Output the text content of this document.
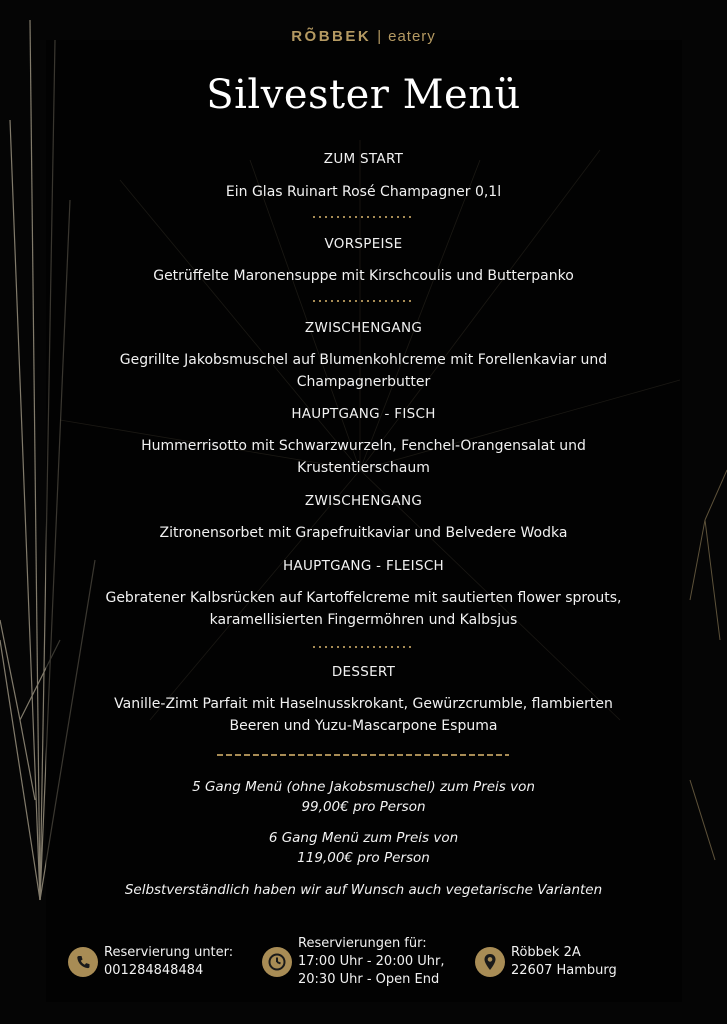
RÕBBEK | eatery
Silvester Menü
ZUM START
Ein Glas Ruinart Rosé Champagner 0,1l
VORSPEISE
Getrüffelte Maronensuppe mit Kirschcoulis und Butterpanko
ZWISCHENGANG
Gegrillte Jakobsmuschel auf Blumenkohlcreme mit Forellenkaviar und
Champagnerbutter
HAUPTGANG - FISCH
Hummerrisotto mit Schwarzwurzeln, Fenchel-Orangensalat und
Krustentierschaum
ZWISCHENGANG
Zitronensorbet mit Grapefruitkaviar und Belvedere Wodka
HAUPTGANG - FLEISCH
Gebratener Kalbsrücken auf Kartoffelcreme mit sautierten flower sprouts,
karamellisierten Fingermöhren und Kalbsjus
DESSERT
Vanille-Zimt Parfait mit Haselnusskrokant, Gewürzcrumble, flambierten
Beeren und Yuzu-Mascarpone Espuma
5 Gang Menü (ohne Jakobsmuschel) zum Preis von
99,00€ pro Person
6 Gang Menü zum Preis von
119,00€ pro Person
Selbstverständlich haben wir auf Wunsch auch vegetarische Varianten
Reservierung unter:
001284848484
Reservierungen für:
17:00 Uhr - 20:00 Uhr,
20:30 Uhr - Open End
Röbbek 2A
22607 Hamburg
